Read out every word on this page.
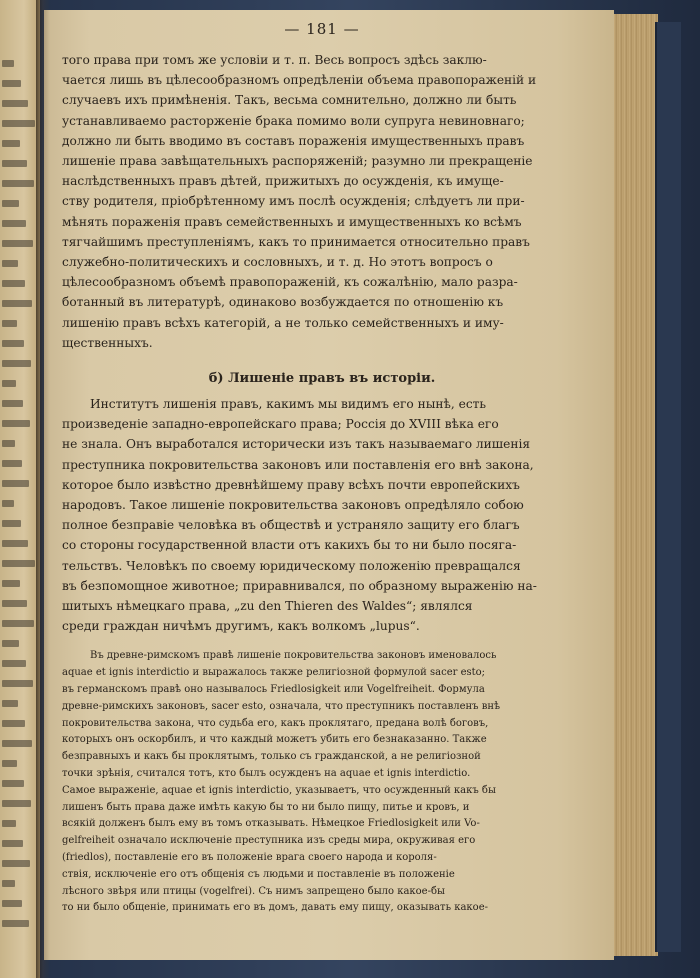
— 181 —
того права при томъ же условіи и т. п. Весь вопросъ здѣсь заклю-
чается лишь въ цѣлесообразномъ опредѣленіи объема правопораженій и
случаевъ ихъ примѣненія. Такъ, весьма сомнительно, должно ли быть
устанавливаемо расторженіе брака помимо воли супруга невиновнаго;
должно ли быть вводимо въ составъ пораженія имущественныхъ правъ
лишеніе права завѣщательныхъ распоряженій; разумно ли прекращеніе
наслѣдственныхъ правъ дѣтей, прижитыхъ до осужденія, къ имуще-
ству родителя, пріобрѣтенному имъ послѣ осужденія; слѣдуетъ ли при-
мѣнять пораженія правъ семейственныхъ и имущественныхъ ко всѣмъ
тягчайшимъ преступленіямъ, какъ то принимается относительно правъ
служебно-политическихъ и сословныхъ, и т. д. Но этотъ вопросъ о
цѣлесообразномъ объемѣ правопораженій, къ сожалѣнію, мало разра-
ботанный въ литературѣ, одинаково возбуждается по отношенію къ
лишенію правъ всѣхъ категорій, а не только семейственныхъ и иму-
щественныхъ.
б) Лишеніе правъ въ исторіи.
Институтъ лишенія правъ, какимъ мы видимъ его нынѣ, есть
произведеніе западно-европейскаго права; Россія до XVIII вѣка его
не знала. Онъ выработался исторически изъ такъ называемаго лишенія
преступника покровительства законовъ или поставленія его внѣ закона,
которое было извѣстно древнѣйшему праву всѣхъ почти европейскихъ
народовъ. Такое лишеніе покровительства законовъ опредѣляло собою
полное безправіе человѣка въ обществѣ и устраняло защиту его благъ
со стороны государственной власти отъ какихъ бы то ни было посяга-
тельствъ. Человѣкъ по своему юридическому положенію превращался
въ безпомощное животное; приравнивался, по образному выраженію на-
шитыхъ нѣмецкаго права, „zu den Thieren des Waldes“; являлся
среди граждан ничѣмъ другимъ, какъ волкомъ „lupus“.
Въ древне-римскомъ правѣ лишеніе покровительства законовъ именовалось
aquae et ignis interdictio и выражалось также религіозной формулой sacer esto;
въ германскомъ правѣ оно называлось Friedlosigkeit или Vogelfreiheit. Формула
древне-римскихъ законовъ, sacer esto, означала, что преступникъ поставленъ внѣ
покровительства закона, что судьба его, какъ проклятаго, предана волѣ боговъ,
которыхъ онъ оскорбилъ, и что каждый можетъ убить его безнаказанно. Также
безправныхъ и какъ бы проклятымъ, только съ гражданской, а не религіозной
точки зрѣнія, считался тотъ, кто былъ осужденъ на aquae et ignis interdictio.
Самое выраженіе, aquae et ignis interdictio, указываетъ, что осужденный какъ бы
лишенъ быть права даже имѣть какую бы то ни было пищу, питье и кровъ, и
всякій долженъ былъ ему въ томъ отказывать. Нѣмецкое Friedlosigkeit или Vo-
gelfreiheit означало исключеніе преступника изъ среды мира, окруживая его
(friedlos), поставленіе его въ положеніе врага своего народа и короля-
ствія, исключеніе его отъ общенія съ людьми и поставленіе въ положеніе
лѣсного звѣря или птицы (vogelfrei). Съ нимъ запрещено было какое-бы
то ни было общеніе, принимать его въ домъ, давать ему пищу, оказывать какое-
